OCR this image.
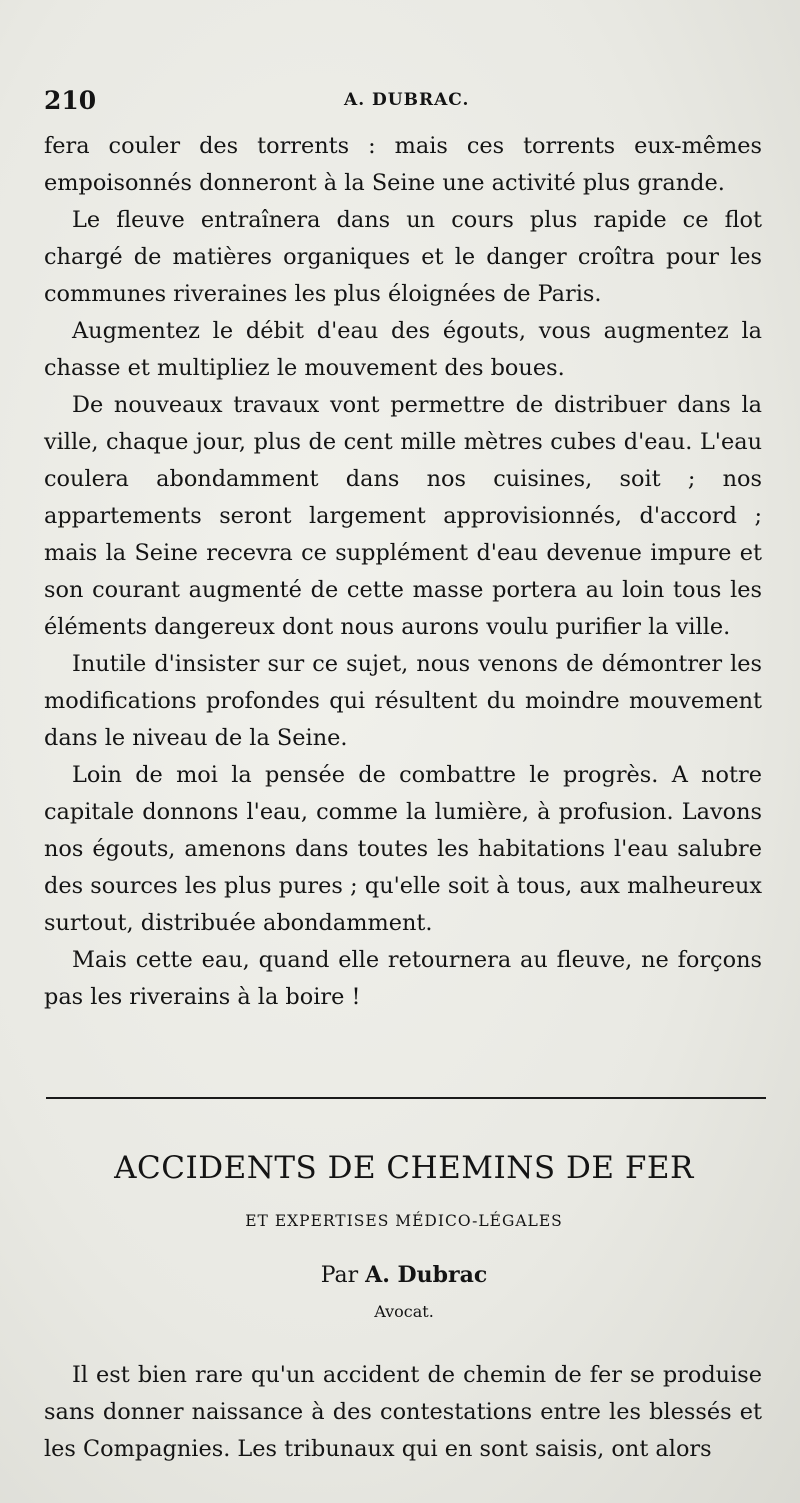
210	A. DUBRAC.

fera couler des torrents : mais ces torrents eux-mêmes empoisonnés donneront à la Seine une activité plus grande.

Le fleuve entraînera dans un cours plus rapide ce flot chargé de matières organiques et le danger croîtra pour les communes riveraines les plus éloignées de Paris.

Augmentez le débit d'eau des égouts, vous augmentez la chasse et multipliez le mouvement des boues.

De nouveaux travaux vont permettre de distribuer dans la ville, chaque jour, plus de cent mille mètres cubes d'eau. L'eau coulera abondamment dans nos cuisines, soit ; nos appartements seront largement approvisionnés, d'accord ; mais la Seine recevra ce supplément d'eau devenue impure et son courant augmenté de cette masse portera au loin tous les éléments dangereux dont nous aurons voulu purifier la ville.

Inutile d'insister sur ce sujet, nous venons de démontrer les modifications profondes qui résultent du moindre mouvement dans le niveau de la Seine.

Loin de moi la pensée de combattre le progrès. A notre capitale donnons l'eau, comme la lumière, à profusion. Lavons nos égouts, amenons dans toutes les habitations l'eau salubre des sources les plus pures ; qu'elle soit à tous, aux malheureux surtout, distribuée abondamment.

Mais cette eau, quand elle retournera au fleuve, ne forçons pas les riverains à la boire !

ACCIDENTS DE CHEMINS DE FER
ET EXPERTISES MÉDICO-LÉGALES
Par A. Dubrac
Avocat.

Il est bien rare qu'un accident de chemin de fer se produise sans donner naissance à des contestations entre les blessés et les Compagnies. Les tribunaux qui en sont saisis, ont alors
